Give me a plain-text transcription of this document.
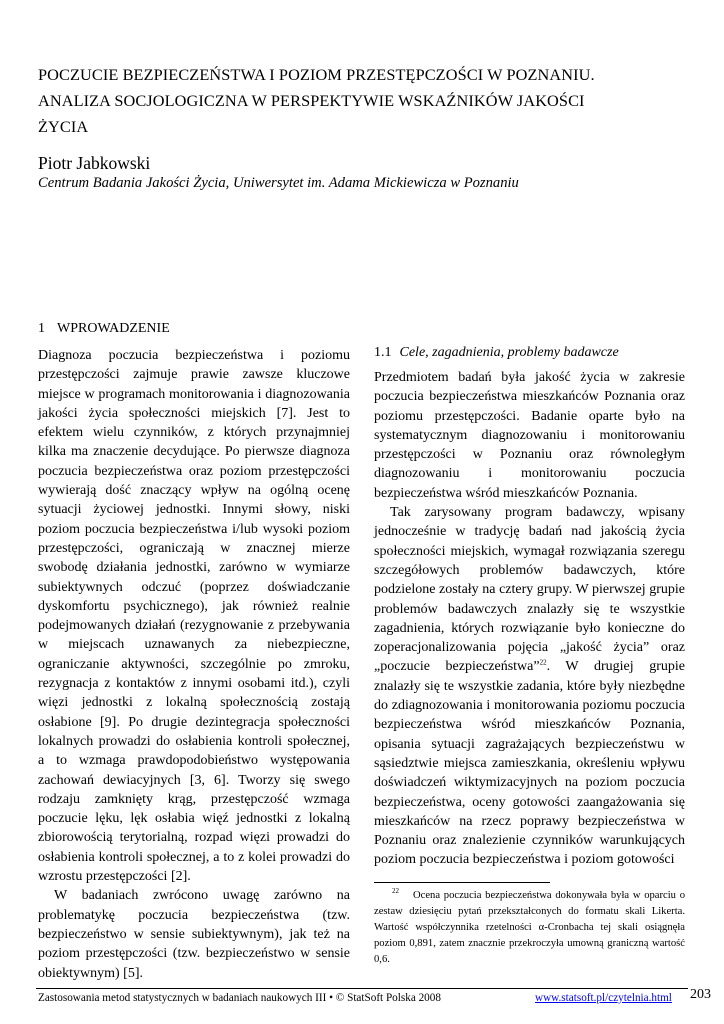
POCZUCIE BEZPIECZEŃSTWA I POZIOM PRZESTĘPCZOŚCI W POZNANIU.
ANALIZA SOCJOLOGICZNA W PERSPEKTYWIE WSKAŹNIKÓW JAKOŚCI
ŻYCIA
Piotr Jabkowski
Centrum Badania Jakości Życia, Uniwersytet im. Adama Mickiewicza w Poznaniu
1 WPROWADZENIE

Diagnoza poczucia bezpieczeństwa i poziomu przestępczości zajmuje prawie zawsze kluczowe miejsce w programach monitorowania i diagnozowania jakości życia społeczności miejskich [7]. Jest to efektem wielu czynników, z których przynajmniej kilka ma znaczenie decydujące. Po pierwsze diagnoza poczucia bezpieczeństwa oraz poziom przestępczości wywierają dość znaczący wpływ na ogólną ocenę sytuacji życiowej jednostki. Innymi słowy, niski poziom poczucia bezpieczeństwa i/lub wysoki poziom przestępczości, ograniczają w znacznej mierze swobodę działania jednostki, zarówno w wymiarze subiektywnych odczuć (poprzez doświadczanie dyskomfortu psychicznego), jak również realnie podejmowanych działań (rezygnowanie z przebywania w miejscach uznawanych za niebezpieczne, ograniczanie aktywności, szczególnie po zmroku, rezygnacja z kontaktów z innymi osobami itd.), czyli więzi jednostki z lokalną społecznością zostają osłabione [9]. Po drugie dezintegracja społeczności lokalnych prowadzi do osłabienia kontroli społecznej, a to wzmaga prawdopodobieństwo występowania zachowań dewiacyjnych [3, 6]. Tworzy się swego rodzaju zamknięty krąg, przestępczość wzmaga poczucie lęku, lęk osłabia więź jednostki z lokalną zbiorowością terytorialną, rozpad więzi prowadzi do osłabienia kontroli społecznej, a to z kolei prowadzi do wzrostu przestępczości [2].

W badaniach zwrócono uwagę zarówno na problematykę poczucia bezpieczeństwa (tzw. bezpieczeństwo w sensie subiektywnym), jak też na poziom przestępczości (tzw. bezpieczeństwo w sensie obiektywnym) [5].

1.1 Cele, zagadnienia, problemy badawcze

Przedmiotem badań była jakość życia w zakresie poczucia bezpieczeństwa mieszkańców Poznania oraz poziomu przestępczości. Badanie oparte było na systematycznym diagnozowaniu i monitorowaniu przestępczości w Poznaniu oraz równoległym diagnozowaniu i monitorowaniu poczucia bezpieczeństwa wśród mieszkańców Poznania.

Tak zarysowany program badawczy, wpisany jednocześnie w tradycję badań nad jakością życia społeczności miejskich, wymagał rozwiązania szeregu szczegółowych problemów badawczych, które podzielone zostały na cztery grupy. W pierwszej grupie problemów badawczych znalazły się te wszystkie zagadnienia, których rozwiązanie było konieczne do zoperacjonalizowania pojęcia „jakość życia” oraz „poczucie bezpieczeństwa”$^{22}$. W drugiej grupie znalazły się te wszystkie zadania, które były niezbędne do zdiagnozowania i monitorowania poziomu poczucia bezpieczeństwa wśród mieszkańców Poznania, opisania sytuacji zagrażających bezpieczeństwu w sąsiedztwie miejsca zamieszkania, określeniu wpływu doświadczeń wiktymizacyjnych na poziom poczucia bezpieczeństwa, oceny gotowości zaangażowania się mieszkańców na rzecz poprawy bezpieczeństwa w Poznaniu oraz znalezienie czynników warunkujących poziom poczucia bezpieczeństwa i poziom gotowości

$^{22}$ Ocena poczucia bezpieczeństwa dokonywała była w oparciu o zestaw dziesięciu pytań przekształconych do formatu skali Likerta. Wartość współczynnika rzetelności α-Cronbacha tej skali osiągnęła poziom 0,891, zatem znacznie przekroczyła umowną graniczną wartość 0,6.
Zastosowania metod statystycznych w badaniach naukowych III • © StatSoft Polska 2008	www.statsoft.pl/czytelnia.html 203
